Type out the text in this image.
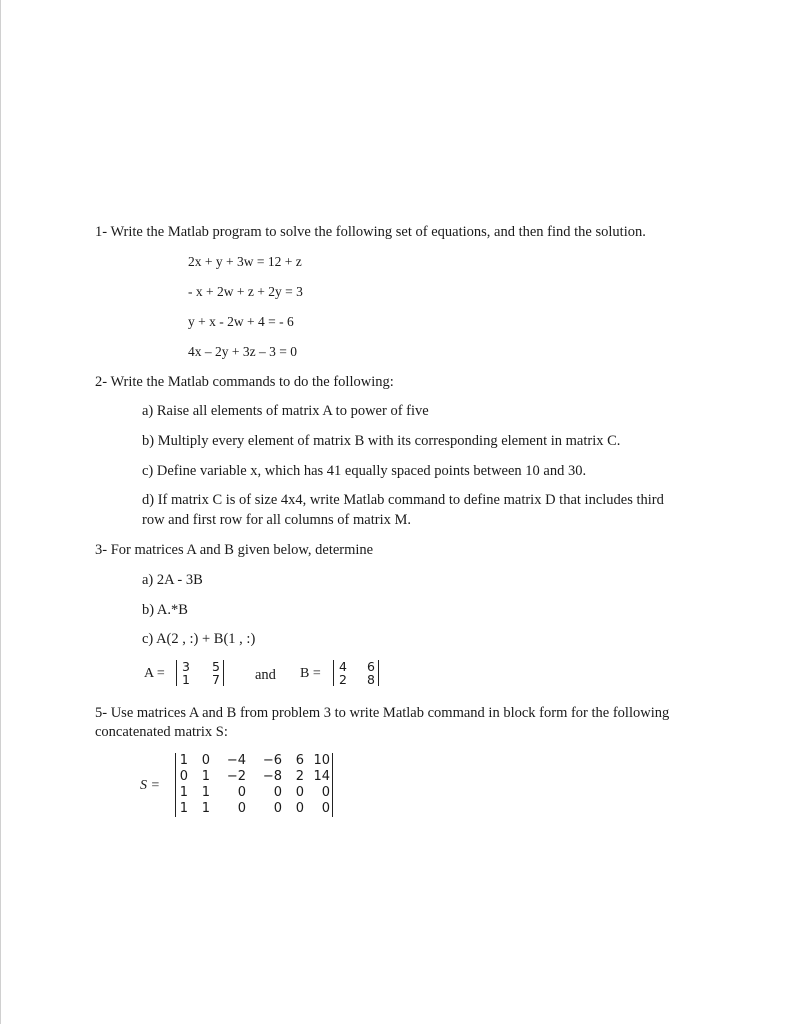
1- Write the Matlab program to solve the following set of equations, and then find the solution.
2x + y + 3w = 12 + z
- x + 2w + z + 2y = 3
y + x - 2w + 4 = - 6
4x – 2y + 3z – 3 = 0
2- Write the Matlab commands to do the following:
a) Raise all elements of matrix A to power of five
b) Multiply every element of matrix B with its corresponding element in matrix C.
c) Define variable x, which has 41 equally spaced points between 10 and 30.
d) If matrix C is of size 4x4, write Matlab command to define matrix D that includes third
row and first row for all columns of matrix M.
3- For matrices A and B given below, determine
a) 2A - 3B
b) A.*B
c) A(2 , :) + B(1 , :)
A = 3	5
1	7 and B = 4	6
2	8
5- Use matrices A and B from problem 3 to write Matlab command in block form for the following
concatenated matrix S:
S =
1	0	−4	−6	6	10
0	1	−2	−8	2	14
1	1	0	0	0	0
1	1	0	0	0	0
